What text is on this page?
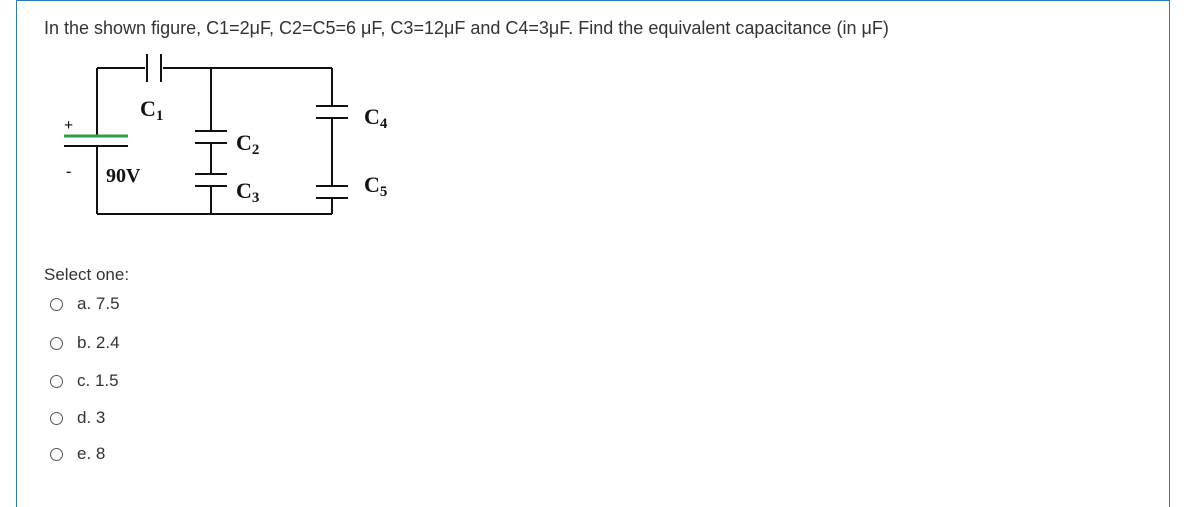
In the shown figure, C1=2μF, C2=C5=6 μF, C3=12μF and C4=3μF. Find the equivalent capacitance (in μF)
+
- 90V
C1
C2
C3
C4
C5
Select one:
a. 7.5
b. 2.4
c. 1.5
d. 3
e. 8
